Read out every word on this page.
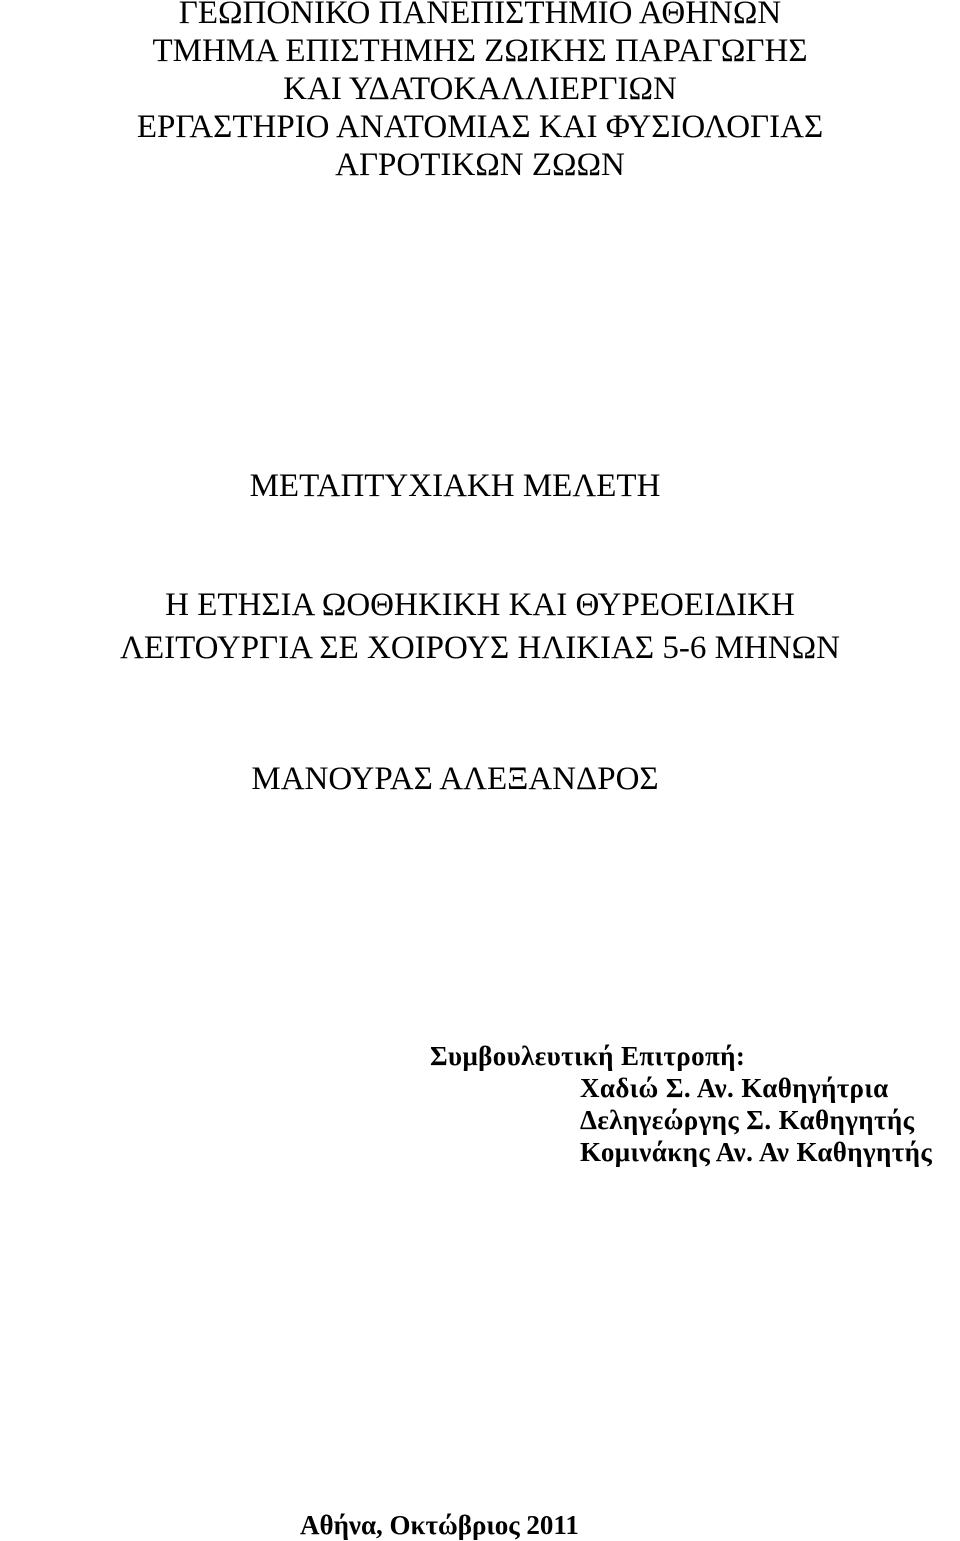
ΓΕΩΠΟΝΙΚΟ ΠΑΝΕΠΙΣΤΗΜΙΟ ΑΘΗΝΩΝ
ΤΜΗΜΑ ΕΠΙΣΤΗΜΗΣ ΖΩΙΚΗΣ ΠΑΡΑΓΩΓΗΣ
ΚΑΙ ΥΔΑΤΟΚΑΛΛΙΕΡΓΙΩΝ
ΕΡΓΑΣΤΗΡΙΟ ΑΝΑΤΟΜΙΑΣ ΚΑΙ ΦΥΣΙΟΛΟΓΙΑΣ
ΑΓΡΟΤΙΚΩΝ ΖΩΩΝ
ΜΕΤΑΠΤΥΧΙΑΚΗ ΜΕΛΕΤΗ
Η ΕΤΗΣΙΑ ΩΟΘΗΚΙΚΗ ΚΑΙ ΘΥΡΕΟΕΙΔΙΚΗ
ΛΕΙΤΟΥΡΓΙΑ ΣΕ ΧΟΙΡΟΥΣ ΗΛΙΚΙΑΣ 5-6 ΜΗΝΩΝ
ΜΑΝΟΥΡΑΣ ΑΛΕΞΑΝΔΡΟΣ
Συμβουλευτική Επιτροπή:
Χαδιώ Σ. Αν. Καθηγήτρια
Δεληγεώργης Σ. Καθηγητής
Κομινάκης Αν. Αν Καθηγητής
Αθήνα, Οκτώβριος 2011
